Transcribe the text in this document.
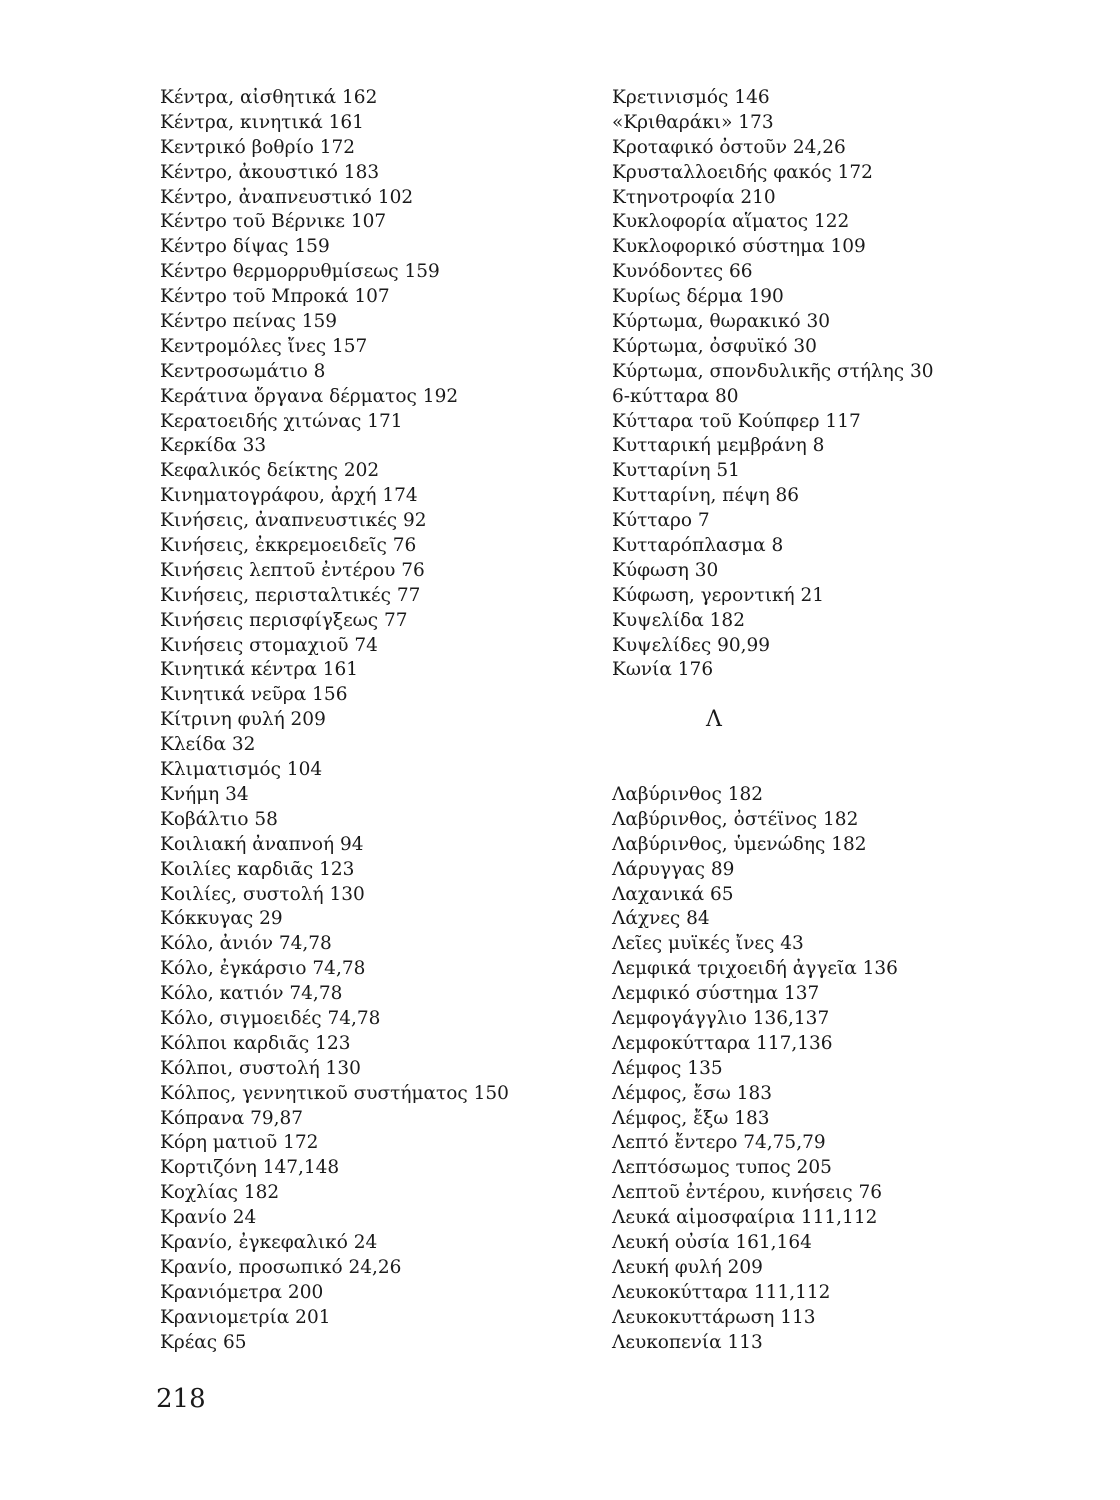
Κέντρα, αἰσθητικά 162
Κέντρα, κινητικά 161
Κεντρικό βοθρίο 172
Κέντρο, ἀκουστικό 183
Κέντρο, ἀναπνευστικό 102
Κέντρο τοῦ Βέρνικε 107
Κέντρο δίψας 159
Κέντρο θερμορρυθμίσεως 159
Κέντρο τοῦ Μπροκά 107
Κέντρο πείνας 159
Κεντρομόλες ἴνες 157
Κεντροσωμάτιο 8
Κεράτινα ὄργανα δέρματος 192
Κερατοειδής χιτώνας 171
Κερκίδα 33
Κεφαλικός δείκτης 202
Κινηματογράφου, ἀρχή 174
Κινήσεις, ἀναπνευστικές 92
Κινήσεις, ἐκκρεμοειδεῖς 76
Κινήσεις λεπτοῦ ἐντέρου 76
Κινήσεις, περισταλτικές 77
Κινήσεις περισφίγξεως 77
Κινήσεις στομαχιοῦ 74
Κινητικά κέντρα 161
Κινητικά νεῦρα 156
Κίτρινη φυλή 209
Κλείδα 32
Κλιματισμός 104
Κνήμη 34
Κοβάλτιο 58
Κοιλιακή ἀναπνοή 94
Κοιλίες καρδιᾶς 123
Κοιλίες, συστολή 130
Κόκκυγας 29
Κόλο, ἀνιόν 74,78
Κόλο, ἐγκάρσιο 74,78
Κόλο, κατιόν 74,78
Κόλο, σιγμοειδές 74,78
Κόλποι καρδιᾶς 123
Κόλποι, συστολή 130
Κόλπος, γεννητικοῦ συστήματος 150
Κόπρανα 79,87
Κόρη ματιοῦ 172
Κορτιζόνη 147,148
Κοχλίας 182
Κρανίο 24
Κρανίο, ἐγκεφαλικό 24
Κρανίο, προσωπικό 24,26
Κρανιόμετρα 200
Κρανιομετρία 201
Κρέας 65
Κρετινισμός 146
«Κριθαράκι» 173
Κροταφικό ὀστοῦν 24,26
Κρυσταλλοειδής φακός 172
Κτηνοτροφία 210
Κυκλοφορία αἵματος 122
Κυκλοφορικό σύστημα 109
Κυνόδοντες 66
Κυρίως δέρμα 190
Κύρτωμα, θωρακικό 30
Κύρτωμα, ὀσφυϊκό 30
Κύρτωμα, σπονδυλικῆς στήλης 30
6-κύτταρα 80
Κύτταρα τοῦ Κούπφερ 117
Κυτταρική μεμβράνη 8
Κυτταρίνη 51
Κυτταρίνη, πέψη 86
Κύτταρο 7
Κυτταρόπλασμα 8
Κύφωση 30
Κύφωση, γεροντική 21
Κυψελίδα 182
Κυψελίδες 90,99
Κωνία 176
Λ
Λαβύρινθος 182
Λαβύρινθος, ὀστέϊνος 182
Λαβύρινθος, ὑμενώδης 182
Λάρυγγας 89
Λαχανικά 65
Λάχνες 84
Λεῖες μυϊκές ἴνες 43
Λεμφικά τριχοειδή ἀγγεῖα 136
Λεμφικό σύστημα 137
Λεμφογάγγλιο 136,137
Λεμφοκύτταρα 117,136
Λέμφος 135
Λέμφος, ἔσω 183
Λέμφος, ἔξω 183
Λεπτό ἔντερο 74,75,79
Λεπτόσωμος τυπος 205
Λεπτοῦ ἐντέρου, κινήσεις 76
Λευκά αἱμοσφαίρια 111,112
Λευκή οὐσία 161,164
Λευκή φυλή 209
Λευκοκύτταρα 111,112
Λευκοκυττάρωση 113
Λευκοπενία 113

218
